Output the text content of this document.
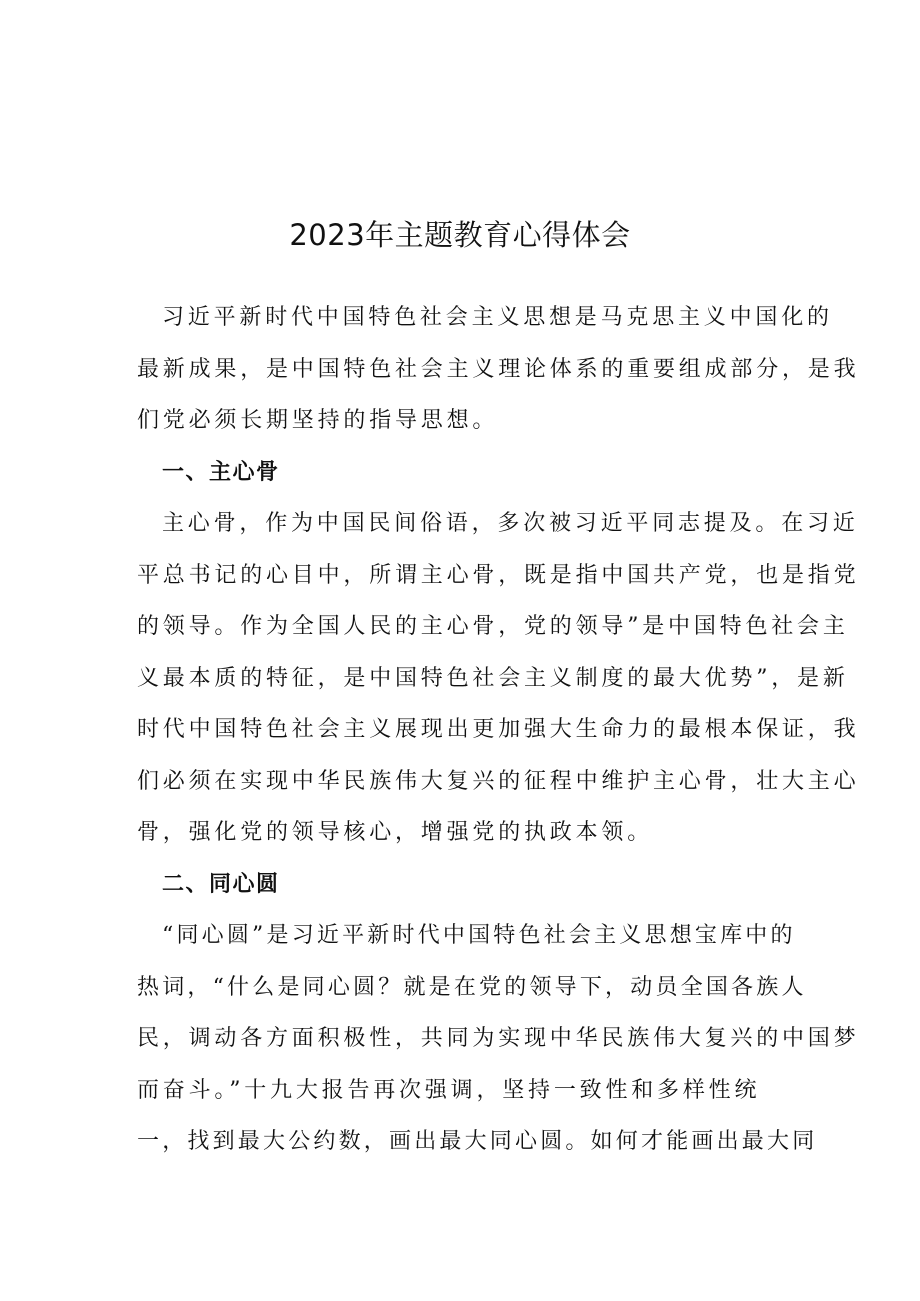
2023年主题教育心得体会
习近平新时代中国特色社会主义思想是马克思主义中国化的
最新成果，是中国特色社会主义理论体系的重要组成部分，是我
们党必须长期坚持的指导思想。
一、主心骨
主心骨，作为中国民间俗语，多次被习近平同志提及。在习近
平总书记的心目中，所谓主心骨，既是指中国共产党，也是指党
的领导。作为全国人民的主心骨，党的领导”是中国特色社会主
义最本质的特征，是中国特色社会主义制度的最大优势”，是新
时代中国特色社会主义展现出更加强大生命力的最根本保证，我
们必须在实现中华民族伟大复兴的征程中维护主心骨，壮大主心
骨，强化党的领导核心，增强党的执政本领。
二、同心圆
“同心圆”是习近平新时代中国特色社会主义思想宝库中的
热词，“什么是同心圆？就是在党的领导下，动员全国各族人
民，调动各方面积极性，共同为实现中华民族伟大复兴的中国梦
而奋斗。”十九大报告再次强调，坚持一致性和多样性统
一，找到最大公约数，画出最大同心圆。如何才能画出最大同
